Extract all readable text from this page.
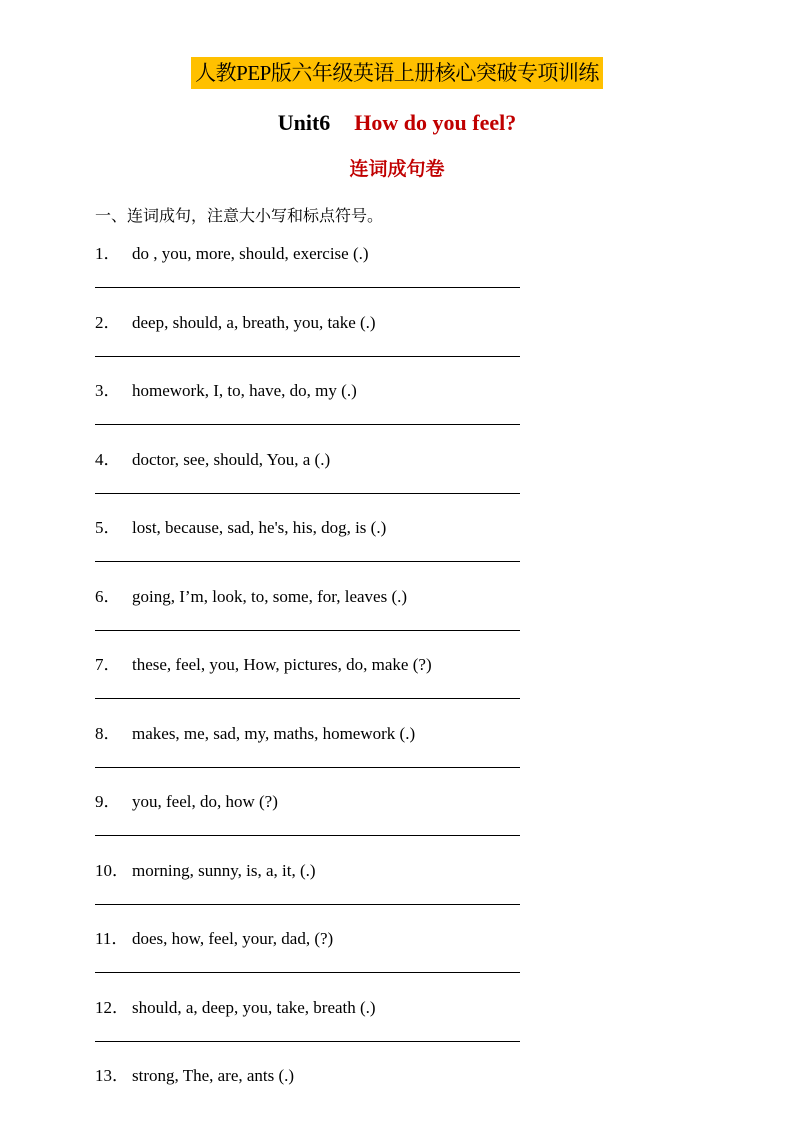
人教PEP版六年级英语上册核心突破专项训练
Unit6 How do you feel?
连词成句卷
一、连词成句，注意大小写和标点符号。
1． do , you, more, should, exercise (.)
2． deep, should, a, breath, you, take (.)
3． homework, I, to, have, do, my (.)
4． doctor, see, should, You, a (.)
5． lost, because, sad, he's, his, dog, is (.)
6． going, I’m, look, to, some, for, leaves (.)
7． these, feel, you, How, pictures, do, make (?)
8． makes, me, sad, my, maths, homework (.)
9． you, feel, do, how (?)
10． morning, sunny, is, a, it, (.)
11． does, how, feel, your, dad, (?)
12． should, a, deep, you, take, breath (.)
13． strong, The, are, ants (.)
